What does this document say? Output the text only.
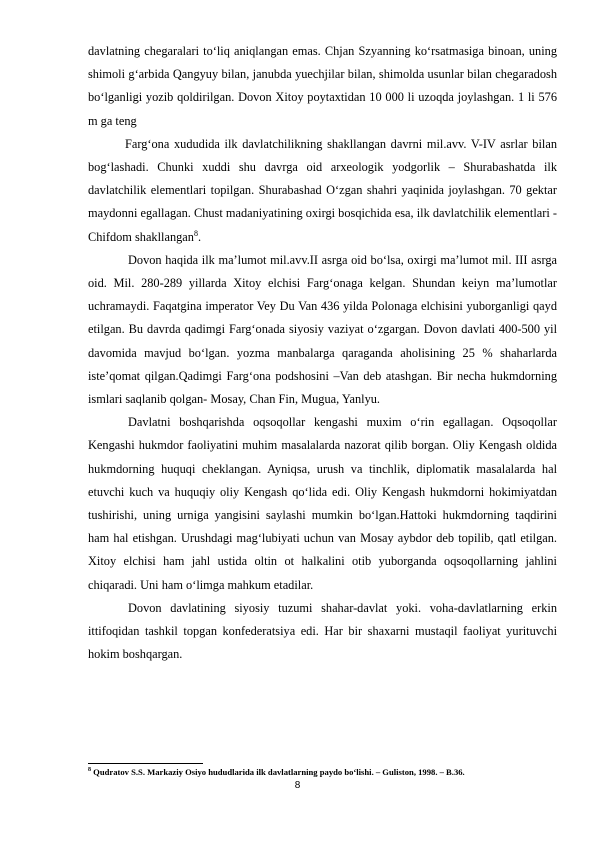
davlatning chegaralari to‘liq aniqlangan emas. Chjan Szyanning ko‘rsatmasiga binoan, uning shimoli g‘arbida Qangyuy bilan, janubda yuechjilar bilan, shimolda usunlar bilan chegaradosh bo‘lganligi yozib qoldirilgan. Dovon Xitoy poytaxtidan 10 000 li uzoqda joylashgan. 1 li 576 m ga teng

Farg‘ona xududida ilk davlatchilikning shakllangan davrni mil.avv. V-IV asrlar bilan bog‘lashadi. Chunki xuddi shu davrga oid arxeologik yodgorlik – Shurabashatda ilk davlatchilik elementlari topilgan. Shurabashad O‘zgan shahri yaqinida joylashgan. 70 gektar maydonni egallagan. Chust madaniyatining oxirgi bosqichida esa, ilk davlatchilik elementlari - Chifdom shakllangan$^8$.

Dovon haqida ilk ma’lumot mil.avv.II asrga oid bo‘lsa, oxirgi ma’lumot mil. III asrga oid. Mil. 280-289 yillarda Xitoy elchisi Farg‘onaga kelgan. Shundan keiyn ma’lumotlar uchramaydi. Faqatgina imperator Vey Du Van 436 yilda Polonaga elchisini yuborganligi qayd etilgan. Bu davrda qadimgi Farg‘onada siyosiy vaziyat o‘zgargan. Dovon davlati 400-500 yil davomida mavjud bo‘lgan. yozma manbalarga qaraganda aholisining 25 % shaharlarda iste’qomat qilgan.Qadimgi Farg‘ona podshosini –Van deb atashgan. Bir necha hukmdorning ismlari saqlanib qolgan- Mosay, Chan Fin, Mugua, Yanlyu.

Davlatni boshqarishda oqsoqollar kengashi muxim o‘rin egallagan. Oqsoqollar Kengashi hukmdor faoliyatini muhim masalalarda nazorat qilib borgan. Oliy Kengash oldida hukmdorning huquqi cheklangan. Ayniqsa, urush va tinchlik, diplomatik masalalarda hal etuvchi kuch va huquqiy oliy Kengash qo‘lida edi. Oliy Kengash hukmdorni hokimiyatdan tushirishi, uning urniga yangisini saylashi mumkin bo‘lgan.Hattoki hukmdorning taqdirini ham hal etishgan. Urushdagi mag‘lubiyati uchun van Mosay aybdor deb topilib, qatl etilgan. Xitoy elchisi ham jahl ustida oltin ot halkalini otib yuborganda oqsoqollarning jahlini chiqaradi. Uni ham o‘limga mahkum etadilar.

Dovon davlatining siyosiy tuzumi shahar-davlat yoki. voha-davlatlarning erkin ittifoqidan tashkil topgan konfederatsiya edi. Har bir shaxarni mustaqil faoliyat yurituvchi hokim boshqargan.

$^8$ Qudratov S.S. Markaziy Osiyo hududlarida ilk davlatlarning paydo bo‘lishi. – Guliston, 1998. – B.36.
8
